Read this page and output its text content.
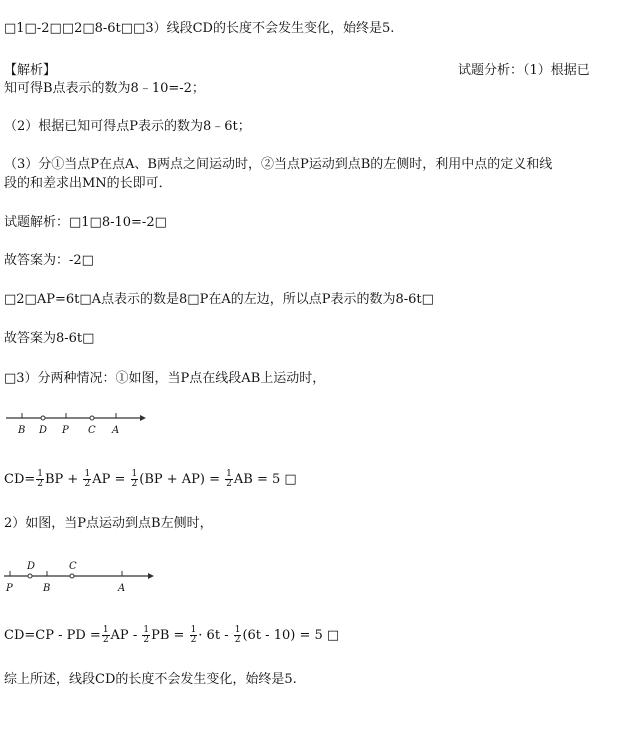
□1□-2□□2□8-6t□□3）线段CD的长度不会发生变化，始终是5.
【解析】	试题分析：（1）根据已
知可得B点表示的数为8﹣10=-2；
（2）根据已知可得点P表示的数为8﹣6t；
（3）分①当点P在点A、B两点之间运动时，②当点P运动到点B的左侧时，利用中点的定义和线
段的和差求出MN的长即可．
试题解析：□1□8-10=-2□
故答案为：-2□
□2□AP=6t□A点表示的数是8□P在A的左边，所以点P表示的数为8-6t□
故答案为8-6t□
□3）分两种情况：①如图，当P点在线段AB上运动时，
B D P C A
$CD= \frac{1}{2}$ BP + $\frac{1}{2}$ AP = $\frac{1}{2} (BP + AP) = \frac{1}{2}$ AB = 5 □
2）如图，当P点运动到点B左侧时，
D	C
P	B	A
CD=CP - PD = $\frac{1}{2}$ AP - $\frac{1}{2}$ PB = $\frac{1}{2} \cdot 6t - \frac{1}{2} (6t - 10) = 5$ □
综上所述，线段CD的长度不会发生变化，始终是5.
